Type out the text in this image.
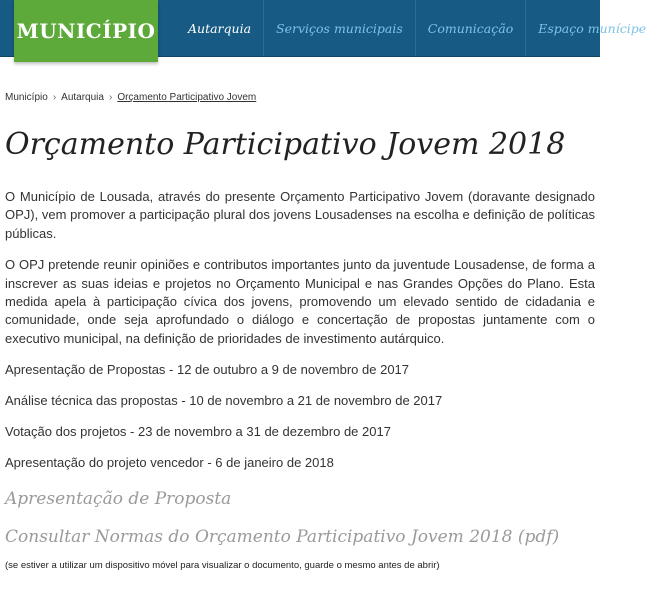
MUNICÍPIO	Autarquia	Serviços municipais	Comunicação	Espaço munícipe
Município › Autarquia › Orçamento Participativo Jovem
Orçamento Participativo Jovem 2018

O Município de Lousada, através do presente Orçamento Participativo Jovem (doravante designado OPJ), vem promover a participação plural dos jovens Lousadenses na escolha e definição de políticas públicas.

O OPJ pretende reunir opiniões e contributos importantes junto da juventude Lousadense, de forma a inscrever as suas ideias e projetos no Orçamento Municipal e nas Grandes Opções do Plano. Esta medida apela à participação cívica dos jovens, promovendo um elevado sentido de cidadania e comunidade, onde seja aprofundado o diálogo e concertação de propostas juntamente com o executivo municipal, na definição de prioridades de investimento autárquico.

Apresentação de Propostas - 12 de outubro a 9 de novembro de 2017

Análise técnica das propostas - 10 de novembro a 21 de novembro de 2017

Votação dos projetos - 23 de novembro a 31 de dezembro de 2017

Apresentação do projeto vencedor - 6 de janeiro de 2018

Apresentação de Proposta
Consultar Normas do Orçamento Participativo Jovem 2018 (pdf)
(se estiver a utilizar um dispositivo móvel para visualizar o documento, guarde o mesmo antes de abrir)
